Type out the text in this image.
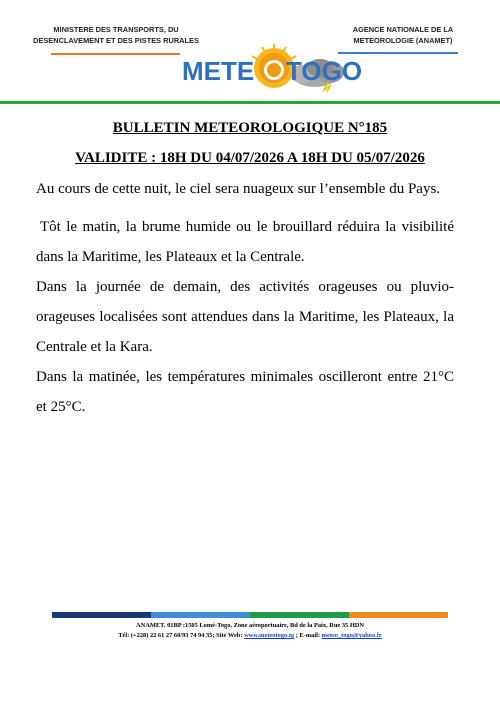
MINISTERE DES TRANSPORTS, DU
DESENCLAVEMENT ET DES PISTES RURALES
AGENCE NATIONALE DE LA
METEOROLOGIE (ANAMET)
METE TOGO
BULLETIN METEOROLOGIQUE N°185
VALIDITE : 18H DU 04/07/2026 A 18H DU 05/07/2026
Au cours de cette nuit, le ciel sera nuageux sur l’ensemble du Pays.
Tôt le matin, la brume humide ou le brouillard réduira la visibilité dans la Maritime, les Plateaux et la Centrale.
Dans la journée de demain, des activités orageuses ou pluvio-orageuses localisées sont attendues dans la Maritime, les Plateaux, la Centrale et la Kara.
Dans la matinée, les températures minimales oscilleront entre 21°C et 25°C.
ANAMET, 01BP :1505 Lomé-Togo, Zone aéroportuaire, Bd de la Paix, Rue 35 HDN
Tél: (+228) 22 61 27 60/93 74 94 35; Site Web: www.meteotogo.tg ; E-mail: meteo_togo@yahoo.fr
